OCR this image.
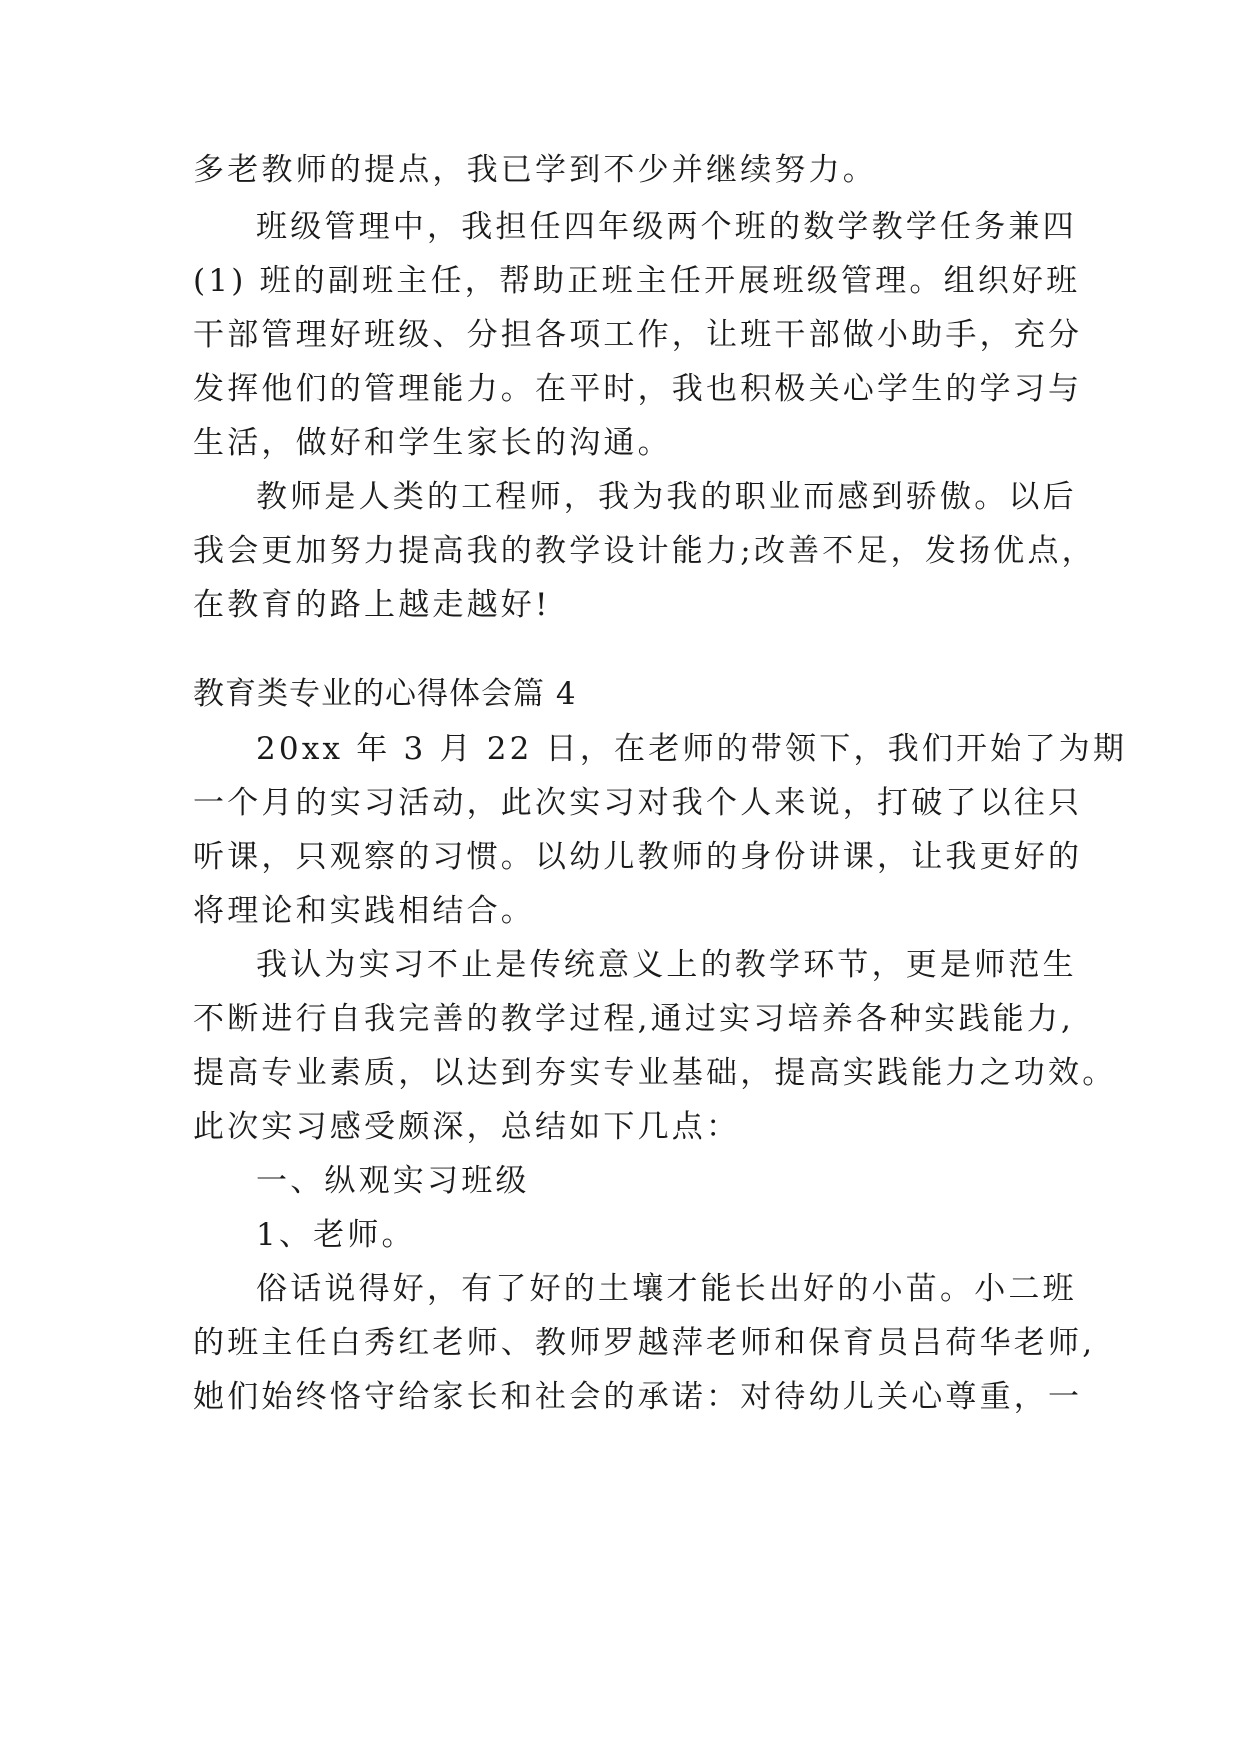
多老教师的提点，我已学到不少并继续努力。
班级管理中，我担任四年级两个班的数学教学任务兼四
(1) 班的副班主任，帮助正班主任开展班级管理。组织好班
干部管理好班级、分担各项工作，让班干部做小助手，充分
发挥他们的管理能力。在平时，我也积极关心学生的学习与
生活，做好和学生家长的沟通。
教师是人类的工程师，我为我的职业而感到骄傲。以后
我会更加努力提高我的教学设计能力;改善不足，发扬优点，
在教育的路上越走越好!
教育类专业的心得体会篇 4
20xx 年 3 月 22 日，在老师的带领下，我们开始了为期
一个月的实习活动，此次实习对我个人来说，打破了以往只
听课，只观察的习惯。以幼儿教师的身份讲课，让我更好的
将理论和实践相结合。
我认为实习不止是传统意义上的教学环节，更是师范生
不断进行自我完善的教学过程,通过实习培养各种实践能力,
提高专业素质，以达到夯实专业基础，提高实践能力之功效。
此次实习感受颇深，总结如下几点：
一、纵观实习班级
1、老师。
俗话说得好，有了好的土壤才能长出好的小苗。小二班
的班主任白秀红老师、教师罗越萍老师和保育员吕荷华老师,
她们始终恪守给家长和社会的承诺：对待幼儿关心尊重，一
